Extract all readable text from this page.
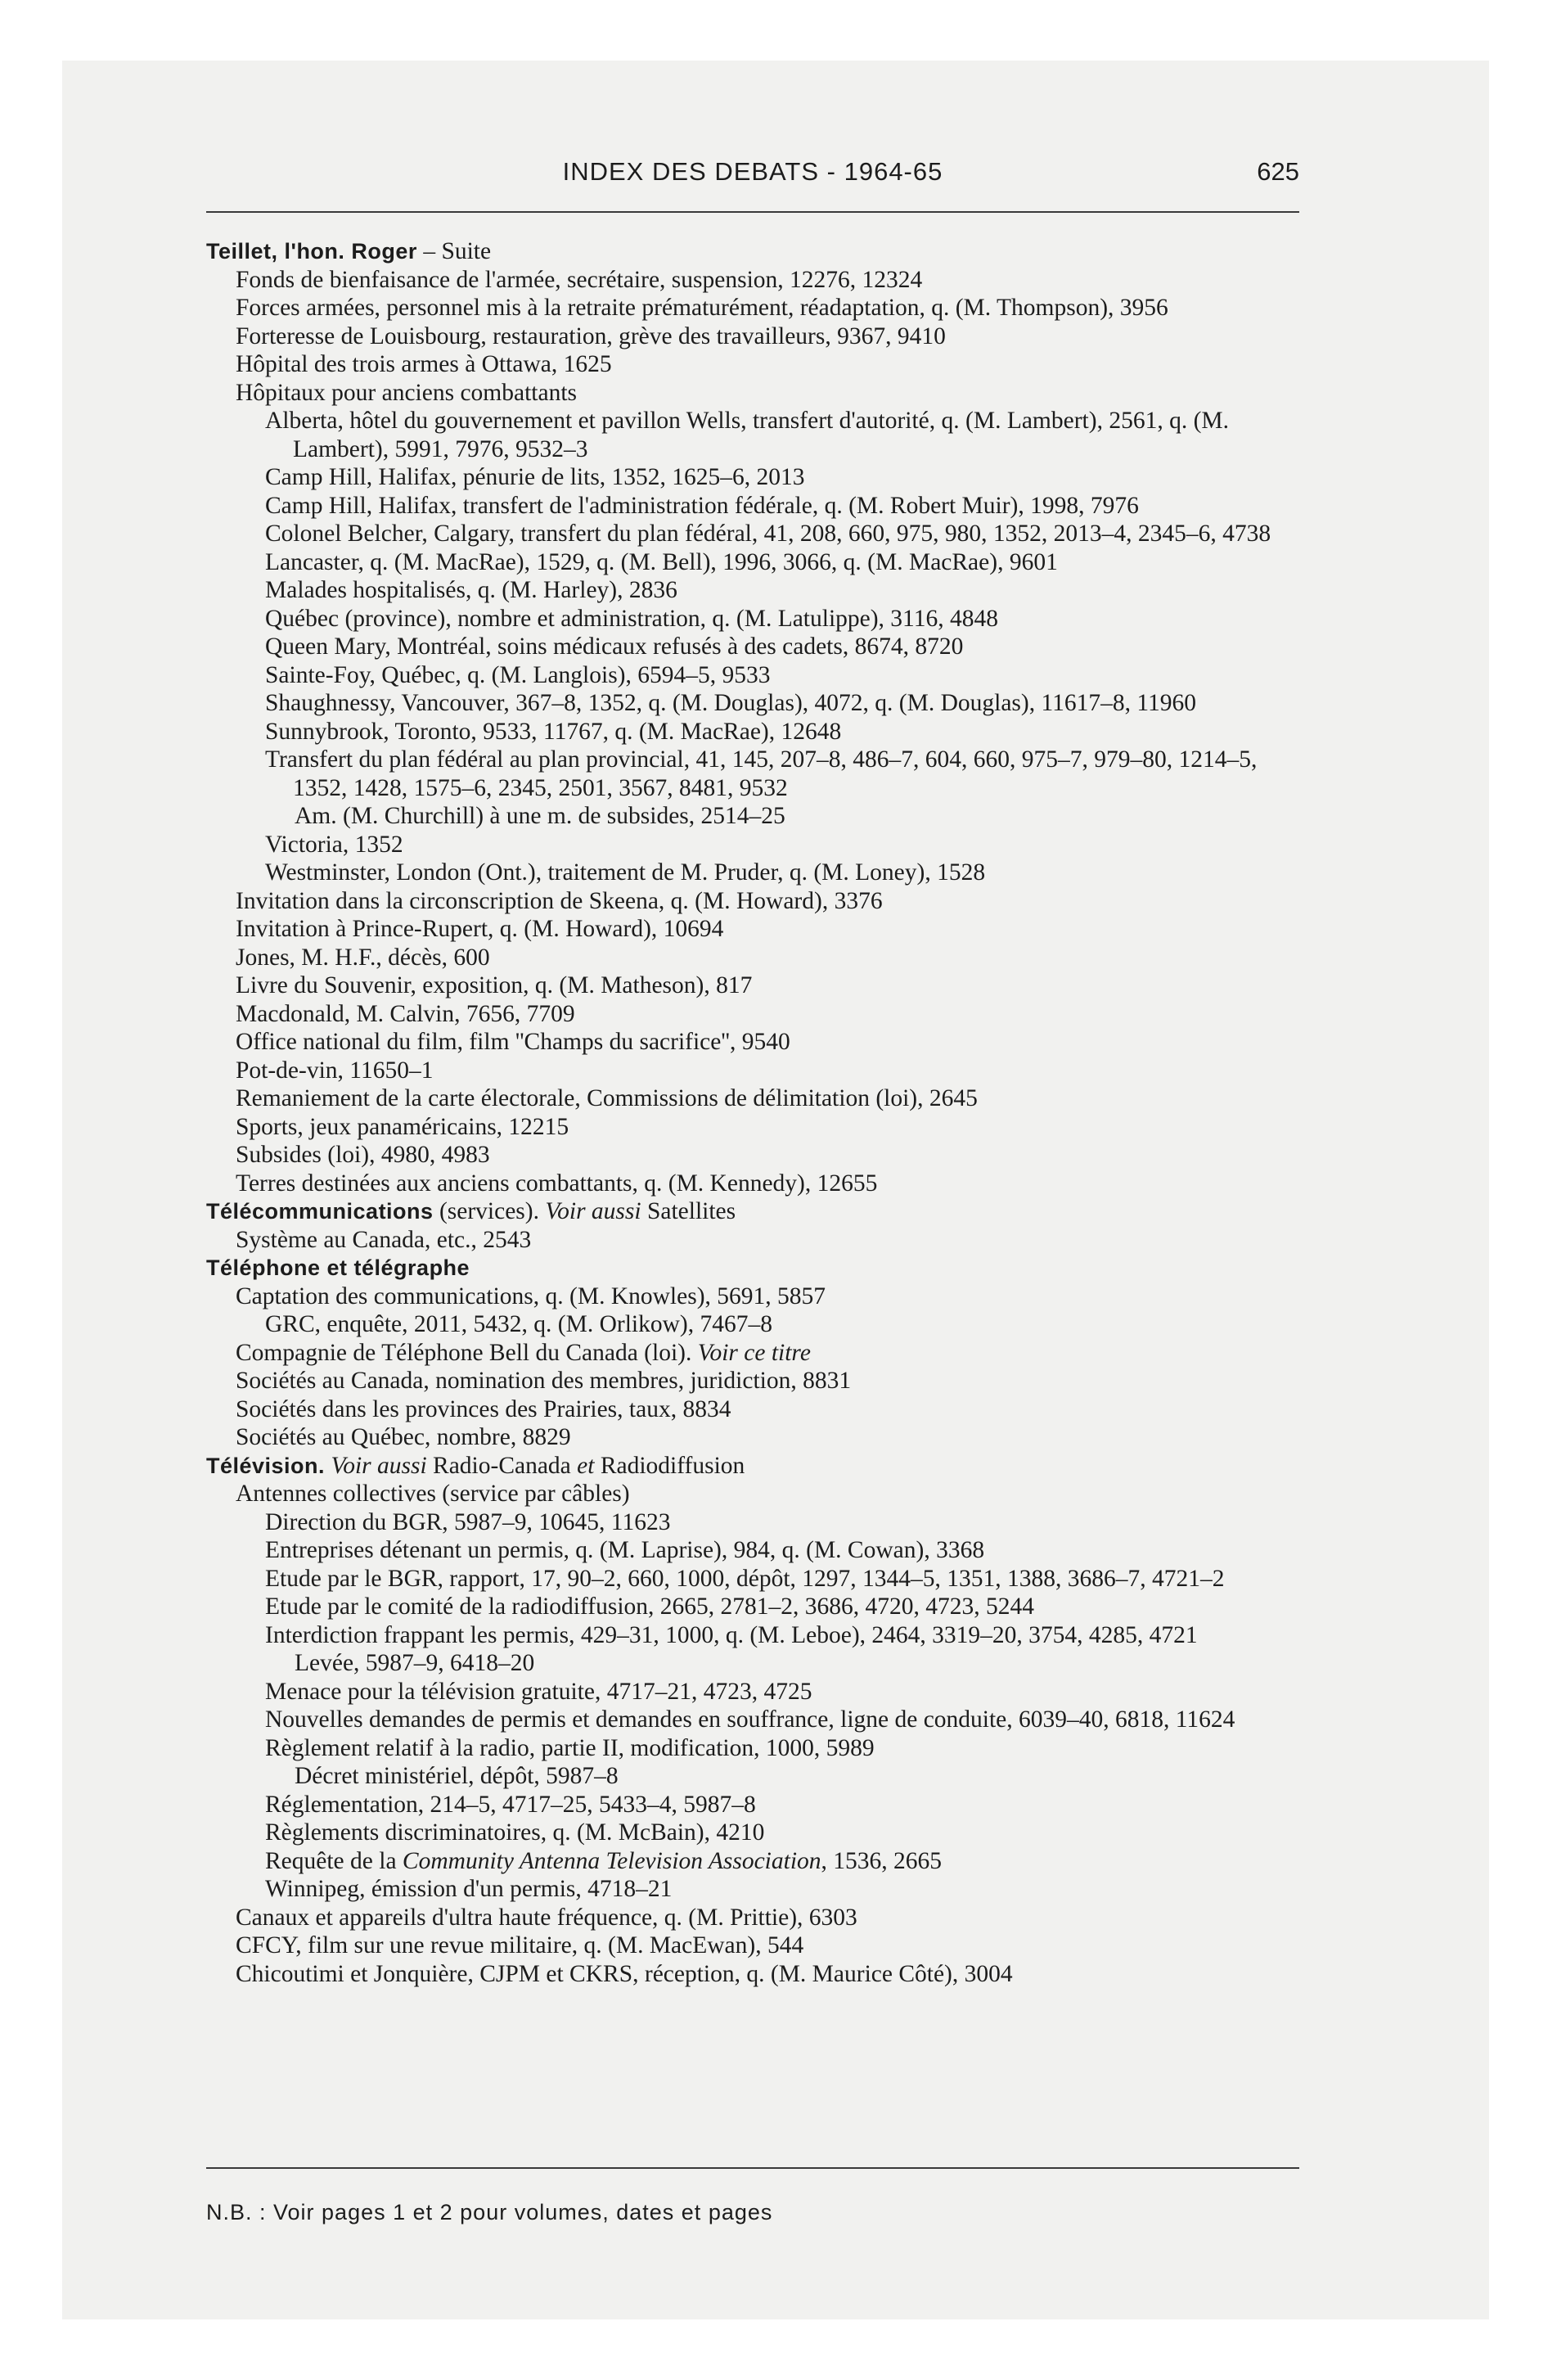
INDEX DES DEBATS - 1964-65	625

Teillet, l'hon. Roger – Suite

Fonds de bienfaisance de l'armée, secrétaire, suspension, 12276, 12324

Forces armées, personnel mis à la retraite prématurément, réadaptation, q. (M. Thompson), 3956

Forteresse de Louisbourg, restauration, grève des travailleurs, 9367, 9410

Hôpital des trois armes à Ottawa, 1625

Hôpitaux pour anciens combattants

Alberta, hôtel du gouvernement et pavillon Wells, transfert d'autorité, q. (M. Lambert), 2561, q. (M. Lambert), 5991, 7976, 9532–3

Camp Hill, Halifax, pénurie de lits, 1352, 1625–6, 2013

Camp Hill, Halifax, transfert de l'administration fédérale, q. (M. Robert Muir), 1998, 7976

Colonel Belcher, Calgary, transfert du plan fédéral, 41, 208, 660, 975, 980, 1352, 2013–4, 2345–6, 4738

Lancaster, q. (M. MacRae), 1529, q. (M. Bell), 1996, 3066, q. (M. MacRae), 9601

Malades hospitalisés, q. (M. Harley), 2836

Québec (province), nombre et administration, q. (M. Latulippe), 3116, 4848

Queen Mary, Montréal, soins médicaux refusés à des cadets, 8674, 8720

Sainte-Foy, Québec, q. (M. Langlois), 6594–5, 9533

Shaughnessy, Vancouver, 367–8, 1352, q. (M. Douglas), 4072, q. (M. Douglas), 11617–8, 11960

Sunnybrook, Toronto, 9533, 11767, q. (M. MacRae), 12648

Transfert du plan fédéral au plan provincial, 41, 145, 207–8, 486–7, 604, 660, 975–7, 979–80, 1214–5, 1352, 1428, 1575–6, 2345, 2501, 3567, 8481, 9532

Am. (M. Churchill) à une m. de subsides, 2514–25

Victoria, 1352

Westminster, London (Ont.), traitement de M. Pruder, q. (M. Loney), 1528

Invitation dans la circonscription de Skeena, q. (M. Howard), 3376

Invitation à Prince-Rupert, q. (M. Howard), 10694

Jones, M. H.F., décès, 600

Livre du Souvenir, exposition, q. (M. Matheson), 817

Macdonald, M. Calvin, 7656, 7709

Office national du film, film ''Champs du sacrifice'', 9540

Pot-de-vin, 11650–1

Remaniement de la carte électorale, Commissions de délimitation (loi), 2645

Sports, jeux panaméricains, 12215

Subsides (loi), 4980, 4983

Terres destinées aux anciens combattants, q. (M. Kennedy), 12655

Télécommunications (services). Voir aussi Satellites

Système au Canada, etc., 2543

Téléphone et télégraphe

Captation des communications, q. (M. Knowles), 5691, 5857

GRC, enquête, 2011, 5432, q. (M. Orlikow), 7467–8

Compagnie de Téléphone Bell du Canada (loi). Voir ce titre

Sociétés au Canada, nomination des membres, juridiction, 8831

Sociétés dans les provinces des Prairies, taux, 8834

Sociétés au Québec, nombre, 8829

Télévision. Voir aussi Radio-Canada et Radiodiffusion

Antennes collectives (service par câbles)

Direction du BGR, 5987–9, 10645, 11623

Entreprises détenant un permis, q. (M. Laprise), 984, q. (M. Cowan), 3368

Etude par le BGR, rapport, 17, 90–2, 660, 1000, dépôt, 1297, 1344–5, 1351, 1388, 3686–7, 4721–2

Etude par le comité de la radiodiffusion, 2665, 2781–2, 3686, 4720, 4723, 5244

Interdiction frappant les permis, 429–31, 1000, q. (M. Leboe), 2464, 3319–20, 3754, 4285, 4721

Levée, 5987–9, 6418–20

Menace pour la télévision gratuite, 4717–21, 4723, 4725

Nouvelles demandes de permis et demandes en souffrance, ligne de conduite, 6039–40, 6818, 11624

Règlement relatif à la radio, partie II, modification, 1000, 5989

Décret ministériel, dépôt, 5987–8

Réglementation, 214–5, 4717–25, 5433–4, 5987–8

Règlements discriminatoires, q. (M. McBain), 4210

Requête de la Community Antenna Television Association, 1536, 2665

Winnipeg, émission d'un permis, 4718–21

Canaux et appareils d'ultra haute fréquence, q. (M. Prittie), 6303

CFCY, film sur une revue militaire, q. (M. MacEwan), 544

Chicoutimi et Jonquière, CJPM et CKRS, réception, q. (M. Maurice Côté), 3004

N.B. : Voir pages 1 et 2 pour volumes, dates et pages
